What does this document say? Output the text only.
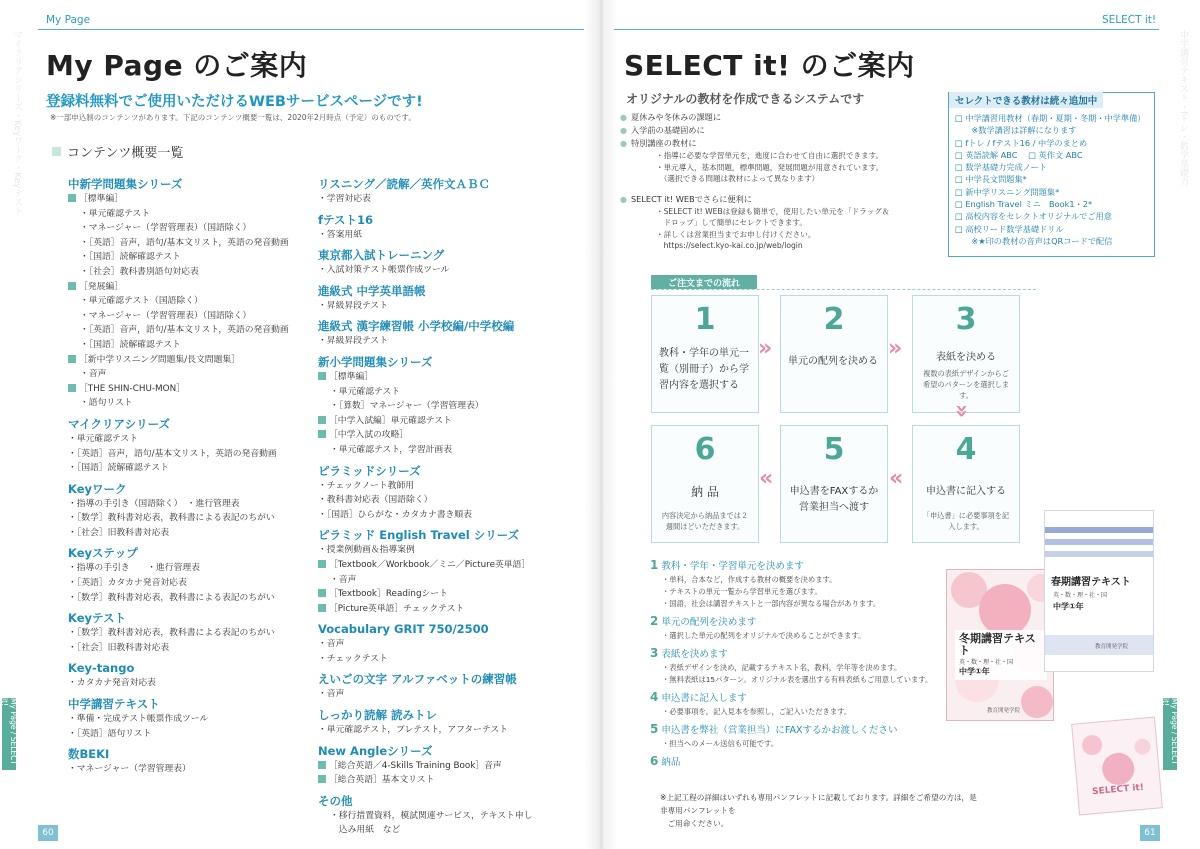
マイクリアシリーズ・Keyワーク・Keyテスト
My Page
My Page のご案内
登録料無料でご使用いただけるWEBサービスページです!
※一部申込制のコンテンツがあります。下記のコンテンツ概要一覧は、2020年2月時点（予定）のものです。
コンテンツ概要一覧
中新学問題集シリーズ
［標準編］
・単元確認テスト
・マネージャー（学習管理表）（国語除く）
・［英語］音声，語句/基本文リスト，英語の発音動画
・［国語］読解確認テスト
・［社会］教科書別語句対応表
［発展編］
・単元確認テスト（国語除く）
・マネージャー（学習管理表）（国語除く）
・［英語］音声，語句/基本文リスト，英語の発音動画
・［国語］読解確認テスト
［新中学リスニング問題集/長文問題集］
・音声
［THE SHIN-CHU-MON］
・語句リスト
マイクリアシリーズ
・単元確認テスト
・［英語］音声，語句/基本文リスト，英語の発音動画
・［国語］読解確認テスト
Keyワーク
・指導の手引き（国語除く）　・進行管理表
・［数学］教科書対応表，教科書による表記のちがい
・［社会］旧教科書対応表
Keyステップ
・指導の手引き　　・進行管理表
・［英語］カタカナ発音対応表
・［数学］教科書対応表，教科書による表記のちがい
Keyテスト
・［数学］教科書対応表，教科書による表記のちがい
・［社会］旧教科書対応表
Key-tango
・カタカナ発音対応表
中学講習テキスト
・準備・完成テスト帳票作成ツール
・［英語］語句リスト
数BEKI
・マネージャー（学習管理表）
リスニング／読解／英作文ＡＢＣ
・学習対応表
fテスト16
・答案用紙
東京都入試トレーニング
・入試対策テスト帳票作成ツール
進級式 中学英単語帳
・昇級昇段テスト
進級式 漢字練習帳 小学校編/中学校編
・昇級昇段テスト
新小学問題集シリーズ
［標準編］
・単元確認テスト
・［算数］マネージャー（学習管理表）
［中学入試編］単元確認テスト
［中学入試の攻略］
・単元確認テスト，学習計画表
ピラミッドシリーズ
・チェックノート教師用
・教科書対応表（国語除く）
・［国語］ひらがな・カタカナ書き順表
ピラミッド English Travel シリーズ
・授業例動画＆指導案例
［Textbook／Workbook／ミニ／Picture英単語］
・音声
［Textbook］Readingシート
［Picture英単語］チェックテスト
Vocabulary GRIT 750/2500
・音声
・チェックテスト
えいごの文字 アルファベットの練習帳
・音声
しっかり読解 読みトレ
・単元確認テスト，プレテスト，アフターテスト
New Angleシリーズ
［総合英語／4-Skills Training Book］音声
［総合英語］基本文リスト
その他
・移行措置資料，模試関連サービス，テキスト申し
　込み用紙　など
My Page / SELECT it!
60
中学講習テキスト・fトレ・数学基礎力
SELECT it!
SELECT it! のご案内
オリジナルの教材を作成できるシステムです
● 夏休みや冬休みの課題に
● 入学前の基礎固めに
● 特別講座の教材に
・指導に必要な学習単元を，進度に合わせて自由に選択できます。
・単元導入，基本問題，標準問題，発展問題が用意されています。
　（選択できる問題は教材によって異なります）
● SELECT it! WEBでさらに便利に
・SELECT it! WEBは登録も簡単で，使用したい単元を「ドラッグ＆
　ドロップ」して簡単にセレクトできます。
・詳しくは営業担当までお申し付けください。
　https://select.kyo-kai.co.jp/web/login
セレクトできる教材は続々追加中
□ 中学講習用教材（春期・夏期・冬期・中学準備）
　　※数学講習は詳解になります
□ fトレ / fテスト16 / 中学のまとめ
□ 英語読解 ABC　 □ 英作文 ABC
□ 数学基礎力完成ノート
□ 中学長文問題集*
□ 新中学リスニング問題集*
□ English Travel ミニ　Book1・2*
□ 高校内容をセレクトオリジナルでご用意
□ 高校リード数学基礎ドリル
　　※★印の教材の音声はQRコードで配信
ご注文までの流れ
1
教科・学年の単元一覧（別冊子）から学習内容を選択する
»
2
単元の配列を決める
»
3
表紙を決める
複数の表紙デザインからご希望のパターンを選択します。
»
6
納 品
内容決定から納品までは２週間ほどいただきます。
»
5
申込書をFAXするか営業担当へ渡す
»
4
申込書に記入する
「申込書」に必要事項を記入します。
1 教科・学年・学習単元を決めます
・単科，合本など，作成する教材の概要を決めます。
・テキストの単元一覧から学習単元を選びます。
・国語，社会は講習テキストと一部内容が異なる場合があります。
2 単元の配列を決めます
・選択した単元の配列をオリジナルで決めることができます。
3 表紙を決めます
・表紙デザインを決め，記載するテキスト名，教科，学年等を決めます。
・無料表紙は15パターン。オリジナル表を選出する有料表紙もご用意しています。
4 申込書に記入します
・必要事項を，記入見本を参照し，ご記入いただきます。
5 申込書を弊社（営業担当）にFAXするかお渡しください
・担当へのメール送信も可能です。
6 納品
冬期講習テキスト
英・数・理・社・国
中学①年
教育開発学院
春期講習テキスト
英・数・理・社・国
中学①年
教育開発学院
SELECT it!
※上記工程の詳細はいずれも専用パンフレットに記載しております。詳細をご希望の方は，是非専用パンフレットを
　ご用命ください。
My Page / SELECT it!
61
